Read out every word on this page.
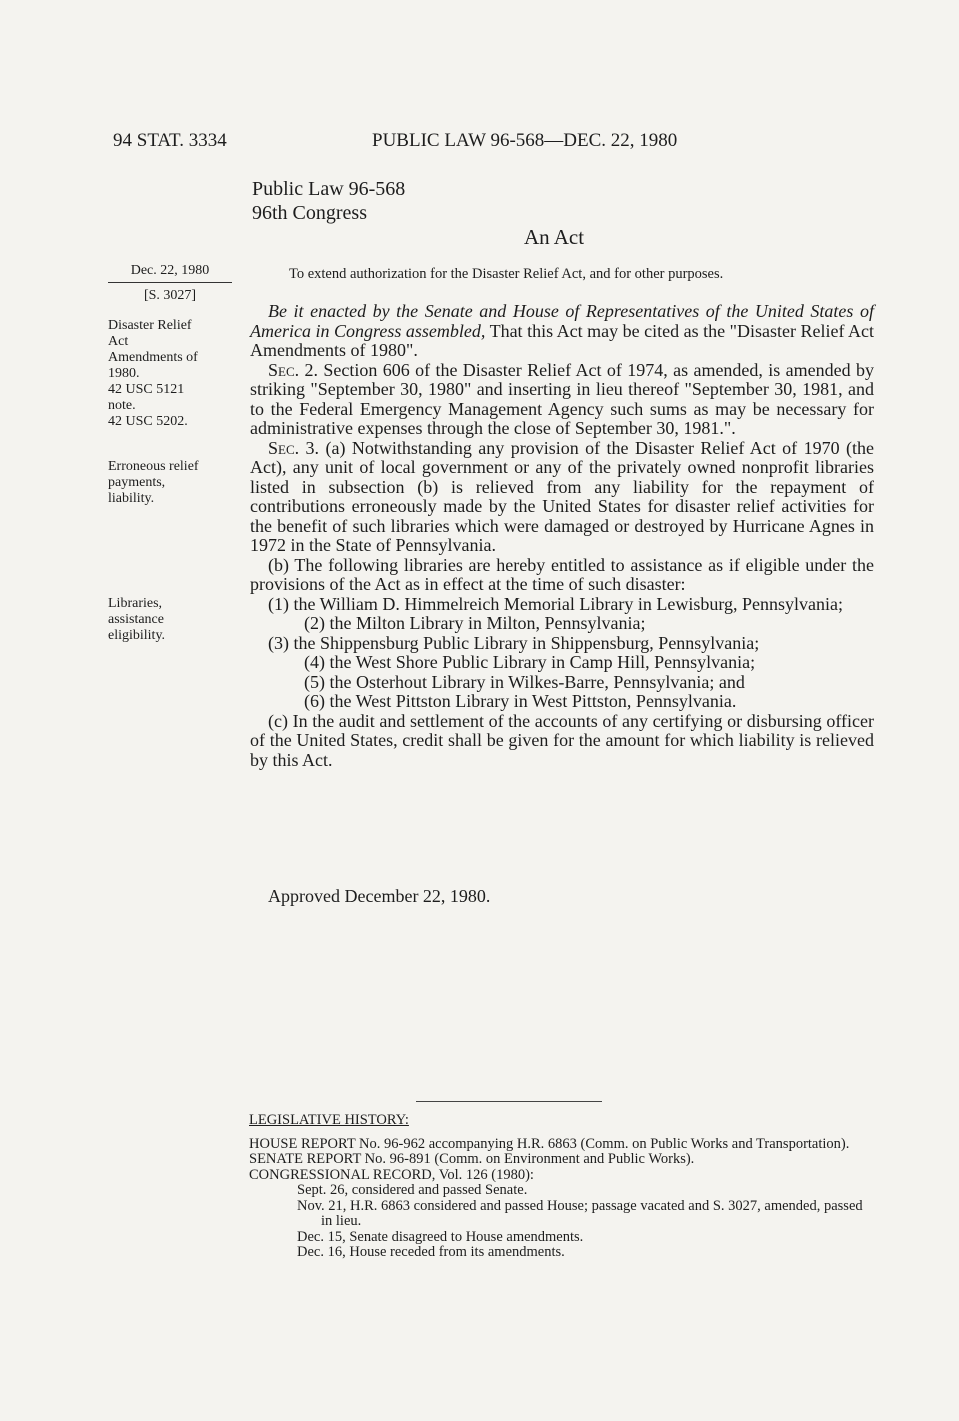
94 STAT. 3334	PUBLIC LAW 96-568—DEC. 22, 1980
Public Law 96-568
96th Congress
An Act
Dec. 22, 1980
[S. 3027]
To extend authorization for the Disaster Relief Act, and for other purposes.
Disaster Relief
Act
Amendments of
1980.
42 USC 5121
note.
42 USC 5202.
Erroneous relief
payments,
liability.
Libraries,
assistance
eligibility.

Be it enacted by the Senate and House of Representatives of the United States of America in Congress assembled, That this Act may be cited as the "Disaster Relief Act Amendments of 1980".

Sec. 2. Section 606 of the Disaster Relief Act of 1974, as amended, is amended by striking "September 30, 1980" and inserting in lieu thereof "September 30, 1981, and to the Federal Emergency Management Agency such sums as may be necessary for administrative expenses through the close of September 30, 1981.".

Sec. 3. (a) Notwithstanding any provision of the Disaster Relief Act of 1970 (the Act), any unit of local government or any of the privately owned nonprofit libraries listed in subsection (b) is relieved from any liability for the repayment of contributions erroneously made by the United States for disaster relief activities for the benefit of such libraries which were damaged or destroyed by Hurricane Agnes in 1972 in the State of Pennsylvania.

(b) The following libraries are hereby entitled to assistance as if eligible under the provisions of the Act as in effect at the time of such disaster:

(1) the William D. Himmelreich Memorial Library in Lewisburg, Pennsylvania;

(2) the Milton Library in Milton, Pennsylvania;

(3) the Shippensburg Public Library in Shippensburg, Pennsylvania;

(4) the West Shore Public Library in Camp Hill, Pennsylvania;

(5) the Osterhout Library in Wilkes-Barre, Pennsylvania; and

(6) the West Pittston Library in West Pittston, Pennsylvania.

(c) In the audit and settlement of the accounts of any certifying or disbursing officer of the United States, credit shall be given for the amount for which liability is relieved by this Act.

Approved December 22, 1980.
LEGISLATIVE HISTORY:
HOUSE REPORT No. 96-962 accompanying H.R. 6863 (Comm. on Public Works and Transportation).
SENATE REPORT No. 96-891 (Comm. on Environment and Public Works).
CONGRESSIONAL RECORD, Vol. 126 (1980):
Sept. 26, considered and passed Senate.
Nov. 21, H.R. 6863 considered and passed House; passage vacated and S. 3027, amended, passed in lieu.
Dec. 15, Senate disagreed to House amendments.
Dec. 16, House receded from its amendments.
